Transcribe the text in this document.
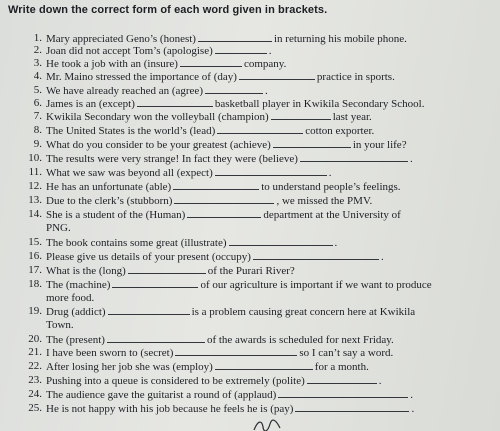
Write down the correct form of each word given in brackets.
1. Mary appreciated Geno’s (honest)	in returning his mobile phone.
2. Joan did not accept Tom’s (apologise)	.
3. He took a job with an (insure)	company.
4. Mr. Maino stressed the importance of (day)	practice in sports.
5. We have already reached an (agree)	.
6. James is an (except)	basketball player in Kwikila Secondary School.
7. Kwikila Secondary won the volleyball (champion)	last year.
8. The United States is the world’s (lead)	cotton exporter.
9. What do you consider to be your greatest (achieve)	in your life?
10. The results were very strange! In fact they were (believe)	.
11. What we saw was beyond all (expect)	.
12. He has an unfortunate (able)	to understand people’s feelings.
13. Due to the clerk’s (stubborn)	, we missed the PMV.
14. She is a student of the (Human)	department at the University of
PNG.
15. The book contains some great (illustrate)	.
16. Please give us details of your present (occupy)	.
17. What is the (long)	of the Purari River?
18. The (machine)	of our agriculture is important if we want to produce
more food.
19. Drug (addict)	is a problem causing great concern here at Kwikila
Town.
20. The (present)	of the awards is scheduled for next Friday.
21. I have been sworn to (secret)	so I can’t say a word.
22. After losing her job she was (employ)	for a month.
23. Pushing into a queue is considered to be extremely (polite)	.
24. The audience gave the guitarist a round of (applaud)	.
25. He is not happy with his job because he feels he is (pay)	.
